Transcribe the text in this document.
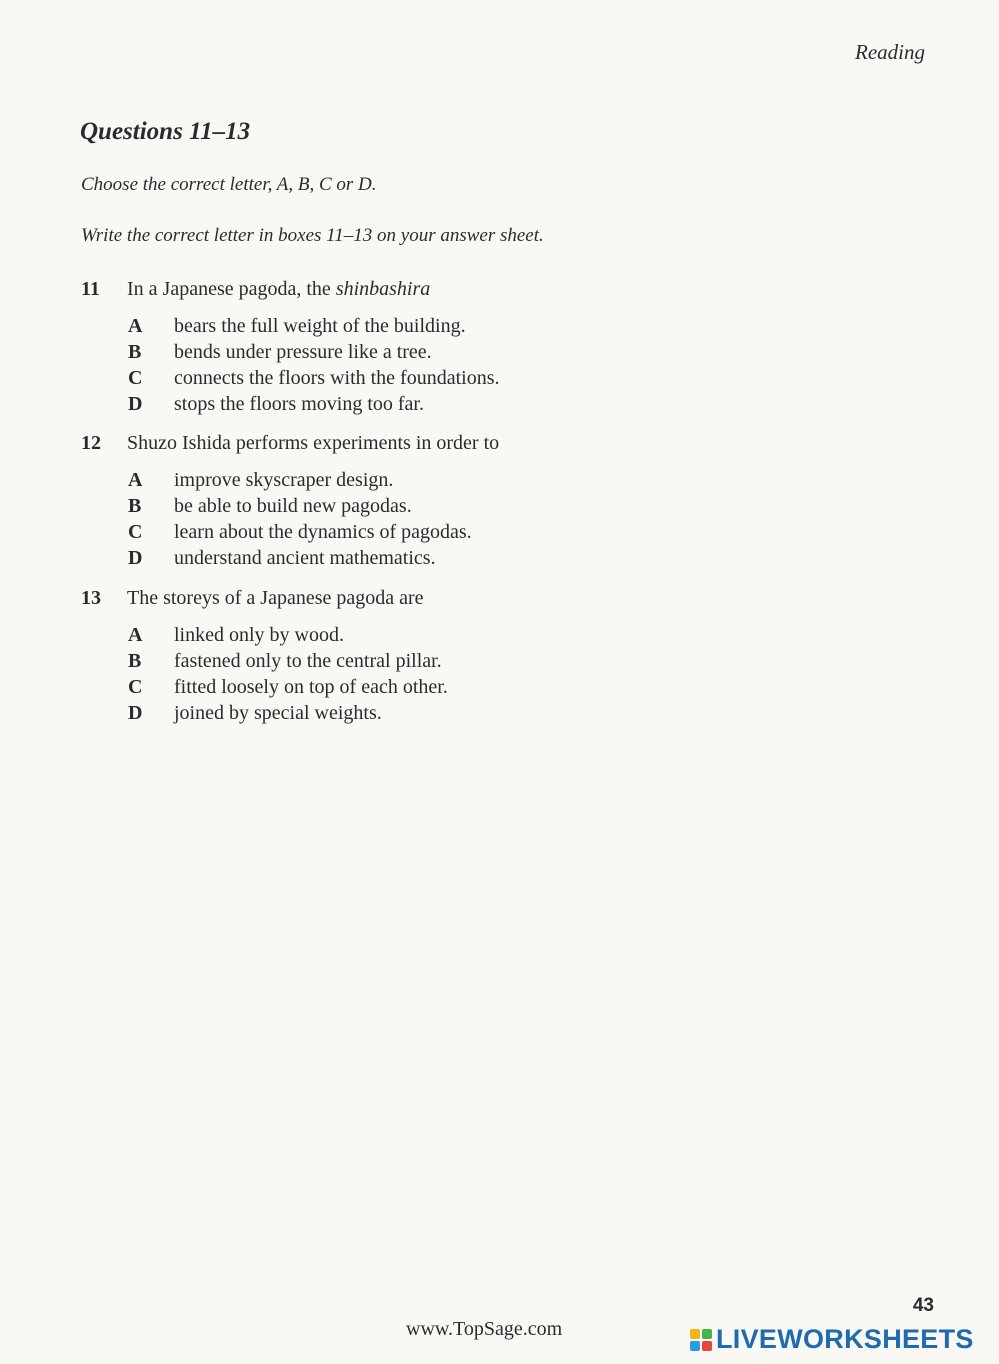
Reading
Questions 11–13
Choose the correct letter, A, B, C or D.
Write the correct letter in boxes 11–13 on your answer sheet.
11	In a Japanese pagoda, the shinbashira
A	bears the full weight of the building.
B	bends under pressure like a tree.
C	connects the floors with the foundations.
D	stops the floors moving too far.
12	Shuzo Ishida performs experiments in order to
A	improve skyscraper design.
B	be able to build new pagodas.
C	learn about the dynamics of pagodas.
D	understand ancient mathematics.
13	The storeys of a Japanese pagoda are
A	linked only by wood.
B	fastened only to the central pillar.
C	fitted loosely on top of each other.
D	joined by special weights.
43
www.TopSage.com	LIVEWORKSHEETS
